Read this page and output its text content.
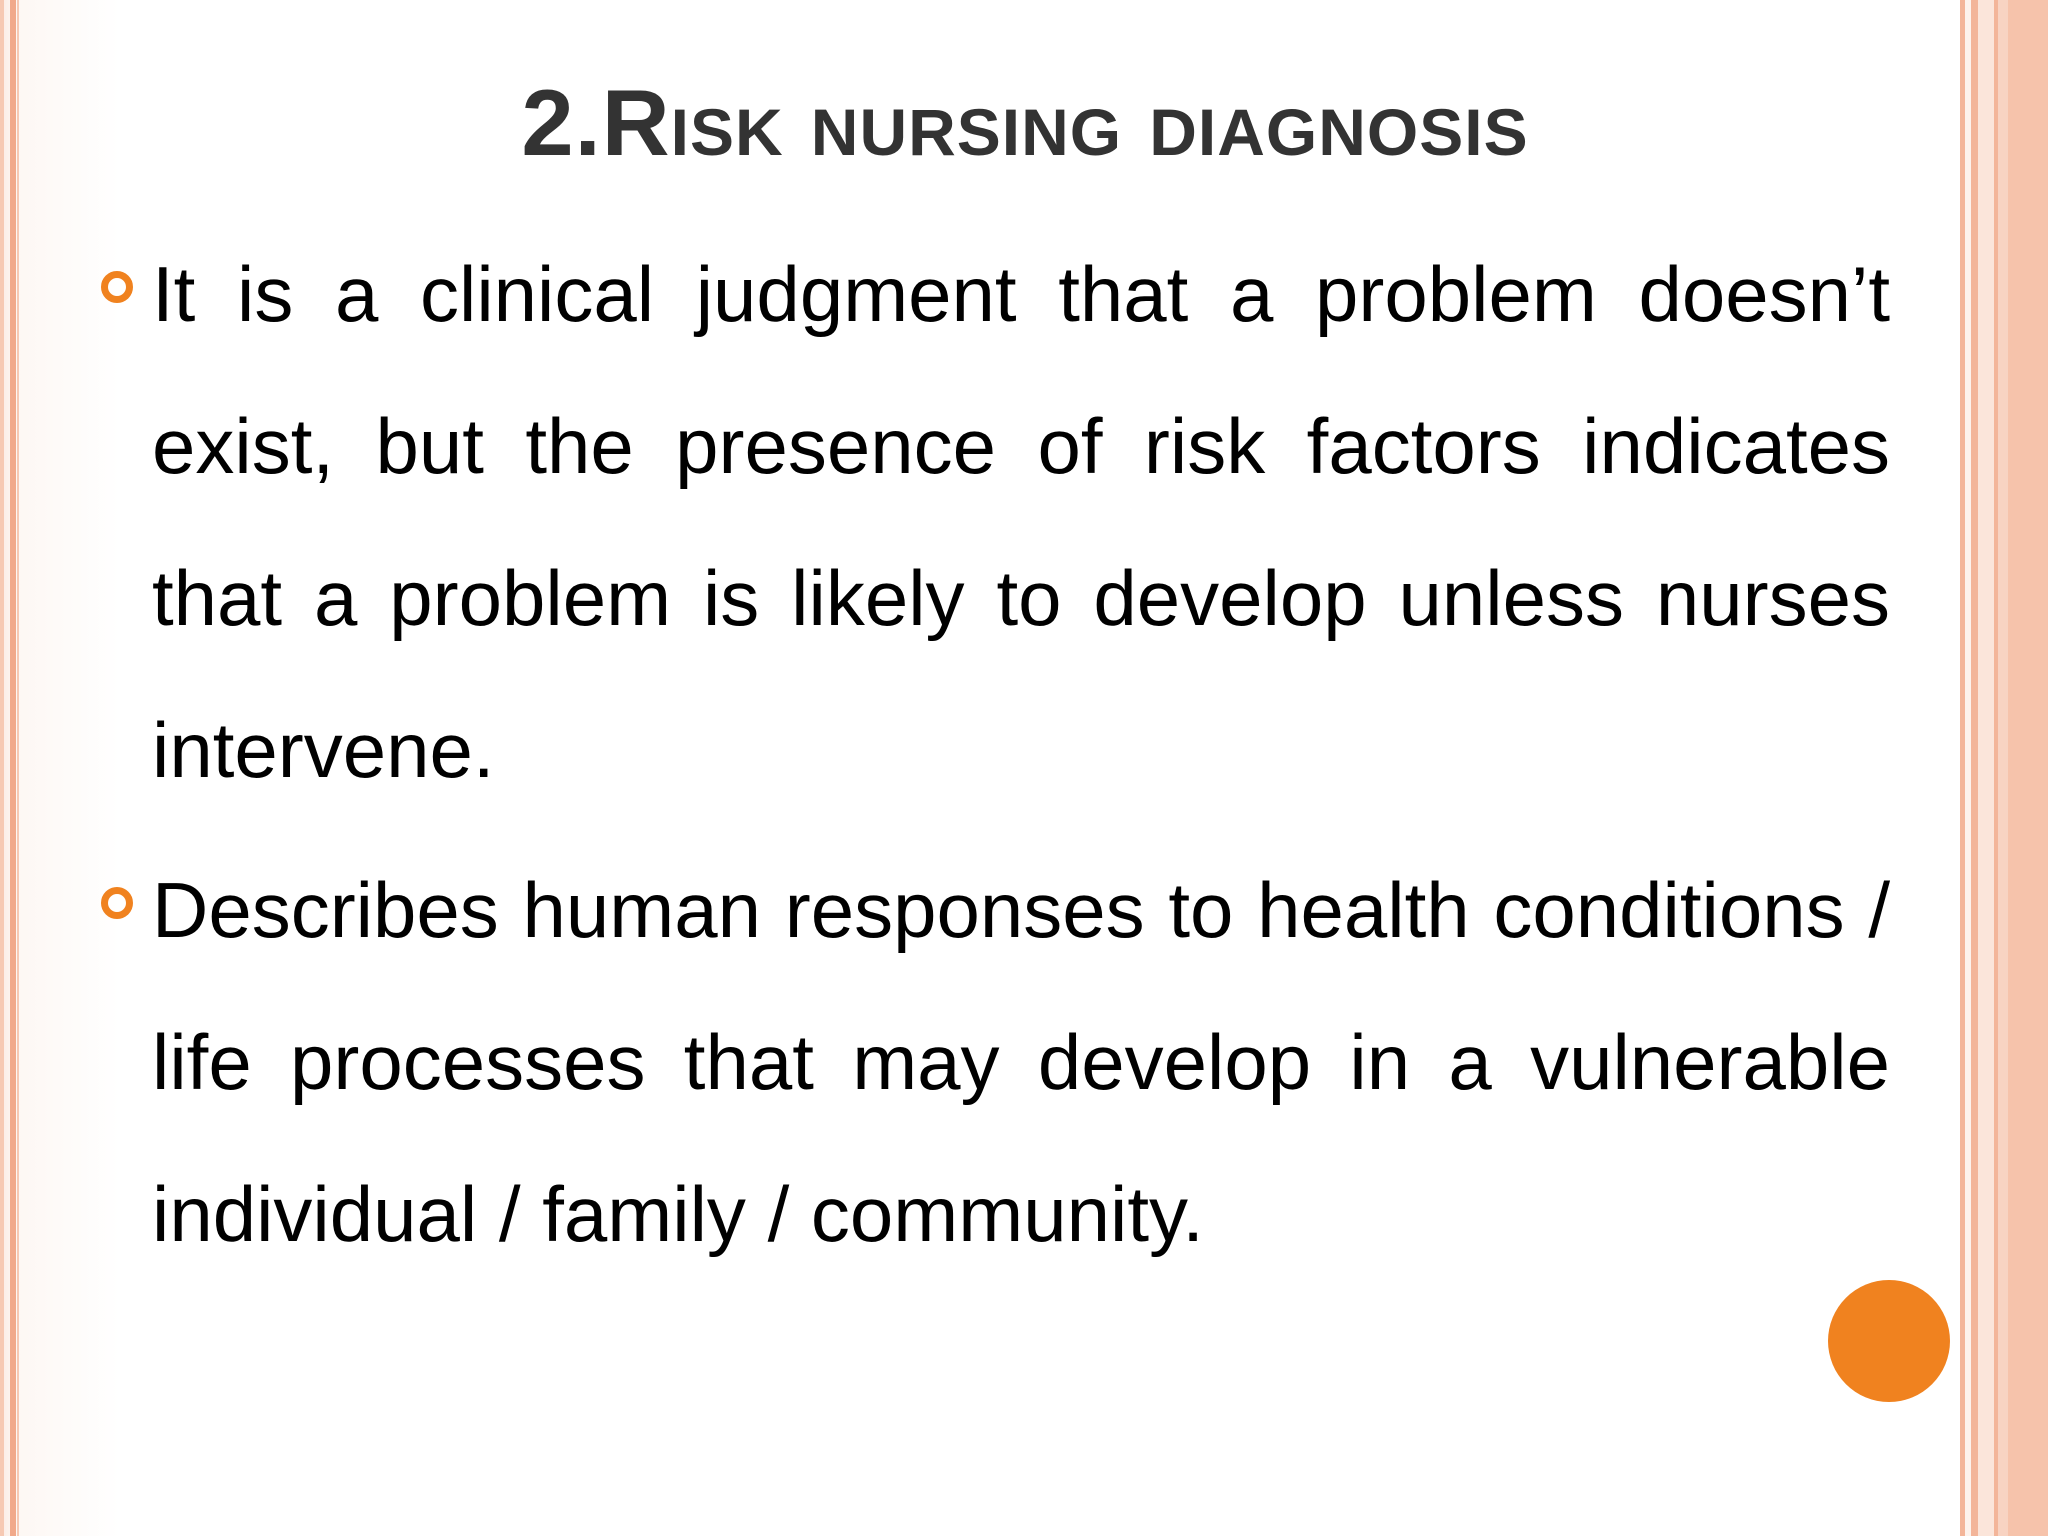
2.Risk nursing diagnosis
It is a clinical judgment that a problem doesn’t exist, but the presence of risk factors indicates that a problem is likely to develop unless nurses intervene.
Describes human responses to health conditions / life processes that may develop in a vulnerable individual / family / community.
